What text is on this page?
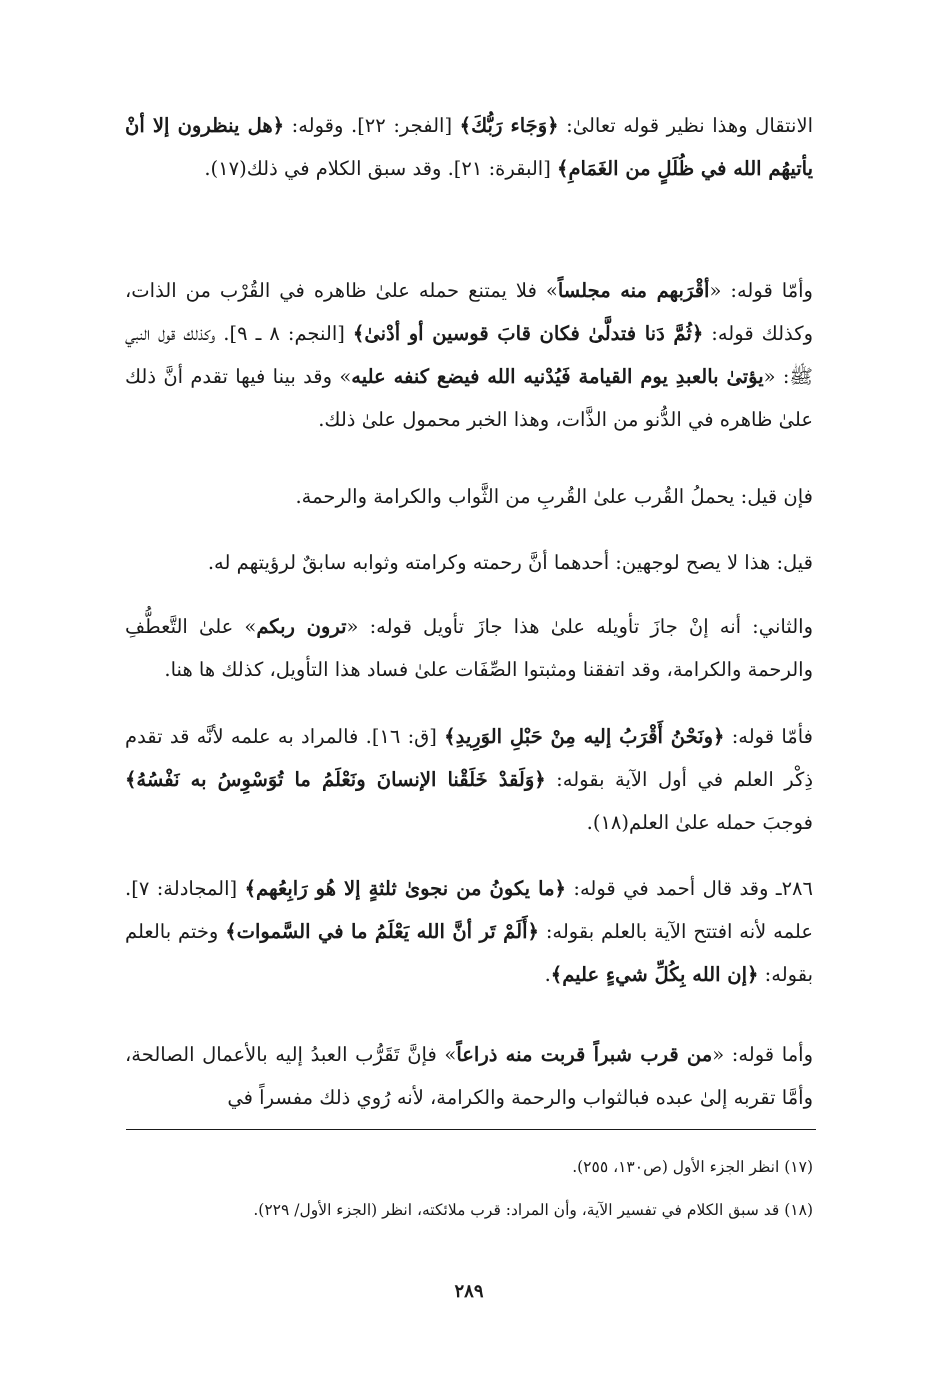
الانتقال وهذا نظير قوله تعالىٰ: ﴿وَجَاء رَبُّكَ﴾ [الفجر: ٢٢]. وقوله: ﴿هل ينظرون إلا أنْ يأتيهُم الله في ظُلَلٍ من الغَمَامِ﴾ [البقرة: ٢١]. وقد سبق الكلام في ذلك(١٧).

وأمّا قوله: «أقْرَبهم منه مجلساً» فلا يمتنع حمله علىٰ ظاهره في القُرْب من الذات، وكذلك قوله: ﴿ثُمَّ دَنا فتدلَّىٰ فكان قابَ قوسين أو أدْنىٰ﴾ [النجم: ٨ ـ ٩]. وكذلك قول النبي ﷺ: «يؤتىٰ بالعبدِ يوم القيامة فَيُدْنيه الله فيضع كنفه عليه» وقد بينا فيها تقدم أنَّ ذلك علىٰ ظاهره في الدُّنو من الذَّات، وهذا الخبر محمول علىٰ ذلك.

فإن قيل: يحملُ القُرب علىٰ القُربِ من الثَّواب والكرامة والرحمة.

قيل: هذا لا يصح لوجهين: أحدهما أنَّ رحمته وكرامته وثوابه سابقٌ لرؤيتهم له.

والثاني: أنه إنْ جازَ تأويله علىٰ هذا جازَ تأويل قوله: «ترون ربكم» علىٰ التَّعطُّفِ والرحمة والكرامة، وقد اتفقنا ومثبتوا الصِّفَات علىٰ فساد هذا التأويل، كذلك ها هنا.

فأمّا قوله: ﴿ونَحْنُ أَقْرَبُ إليه مِنْ حَبْلِ الوَرِيدِ﴾ [ق: ١٦]. فالمراد به علمه لأنَّه قد تقدم ذِكْر العلم في أول الآية بقوله: ﴿وَلَقدْ خَلَقْنا الإنسانَ ونَعْلَمُ ما تُوَسْوِسُ به نَفْسُهُ﴾ فوجبَ حمله علىٰ العلم(١٨).

٢٨٦ـ وقد قال أحمد في قوله: ﴿ما يكونُ من نجوىٰ ثلثةٍ إلا هُو رَابِعُهم﴾ [المجادلة: ٧]. علمه لأنه افتتح الآية بالعلم بقوله: ﴿أَلَمْ تَر أنَّ الله يَعْلَمُ ما في السَّموات﴾ وختم بالعلم بقوله: ﴿إن الله بِكُلِّ شيءٍ عليم﴾.

وأما قوله: «من قرب شبراً قربت منه ذراعاً» فإنَّ تَقَرُّب العبدُ إليه بالأعمال الصالحة، وأمَّا تقربه إلىٰ عبده فبالثواب والرحمة والكرامة، لأنه رُوي ذلك مفسراً في

(١٧) انظر الجزء الأول (ص١٣٠، ٢٥٥).

(١٨) قد سبق الكلام في تفسير الآية، وأن المراد: قرب ملائكته، انظر (الجزء الأول/ ٢٢٩).

٢٨٩
